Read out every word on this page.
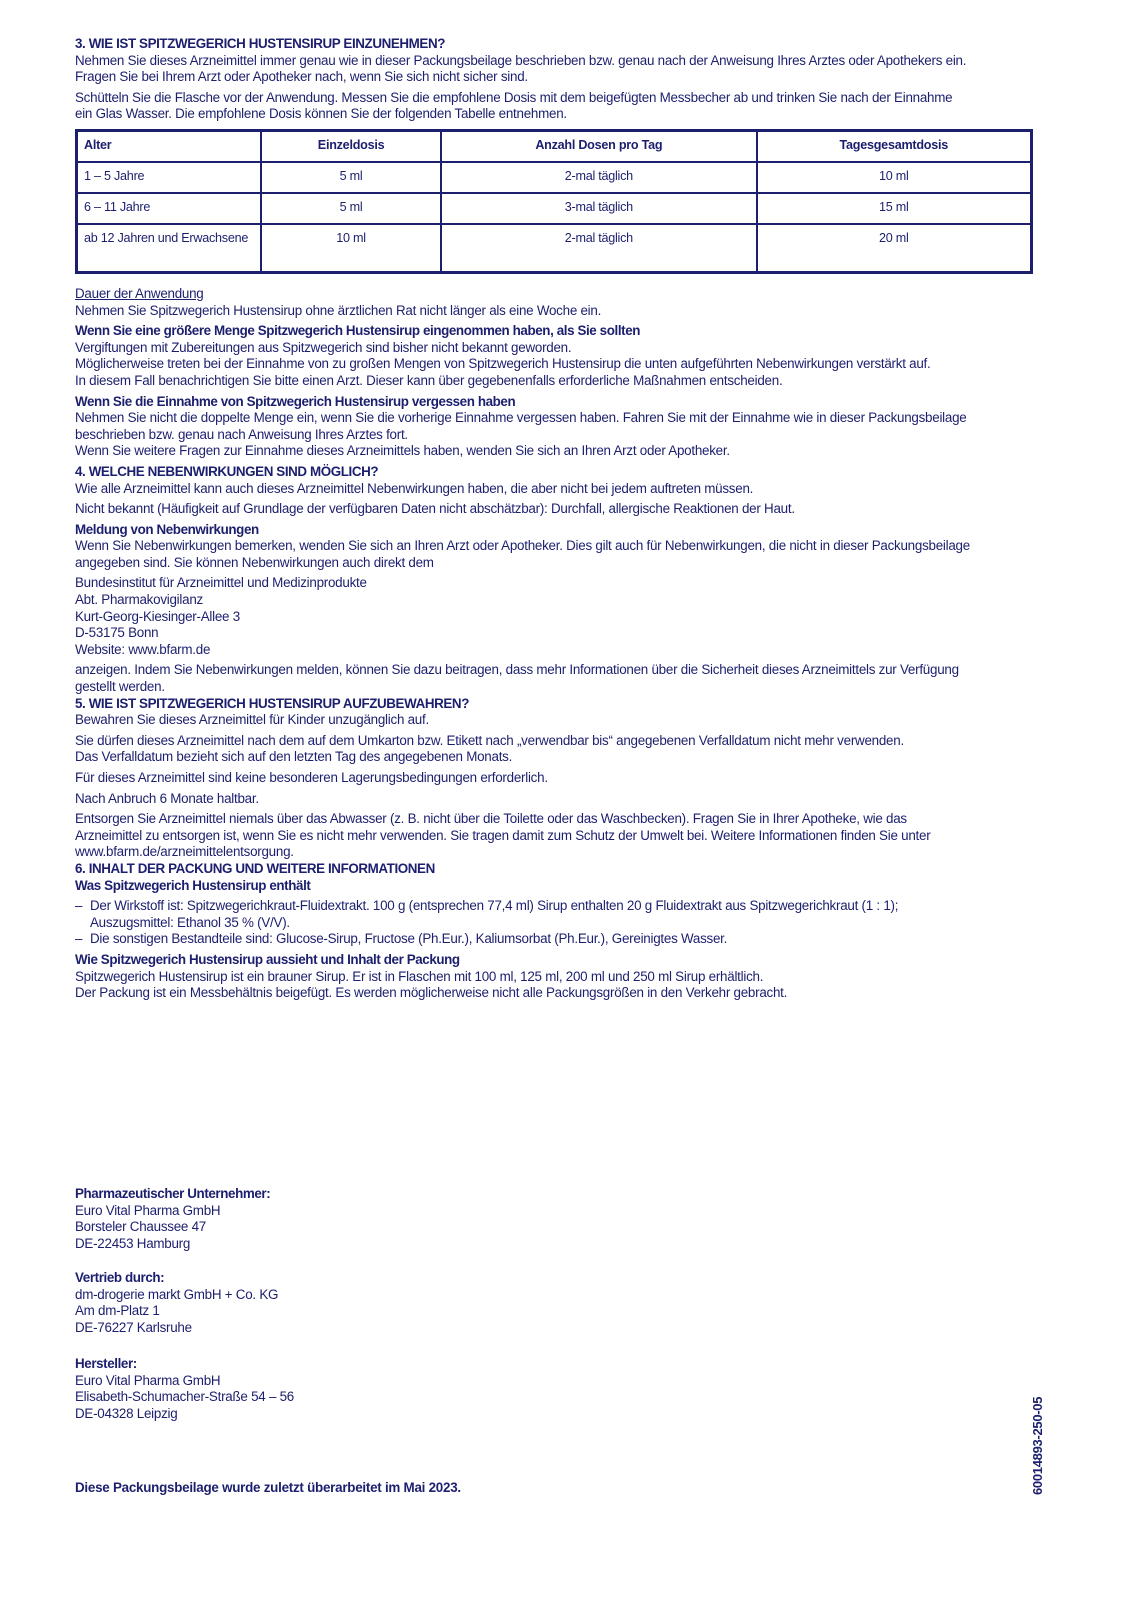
3. WIE IST SPITZWEGERICH HUSTENSIRUP EINZUNEHMEN?

Nehmen Sie dieses Arzneimittel immer genau wie in dieser Packungsbeilage beschrieben bzw. genau nach der Anweisung Ihres Arztes oder Apothekers ein.

Fragen Sie bei Ihrem Arzt oder Apotheker nach, wenn Sie sich nicht sicher sind.

Schütteln Sie die Flasche vor der Anwendung. Messen Sie die empfohlene Dosis mit dem beigefügten Messbecher ab und trinken Sie nach der Einnahme

ein Glas Wasser. Die empfohlene Dosis können Sie der folgenden Tabelle entnehmen.

Alter	Einzeldosis	Anzahl Dosen pro Tag	Tagesgesamtdosis
1 – 5 Jahre	5 ml	2-mal täglich	10 ml
6 – 11 Jahre	5 ml	3-mal täglich	15 ml
ab 12 Jahren und Erwachsene	10 ml	2-mal täglich	20 ml

Dauer der Anwendung

Nehmen Sie Spitzwegerich Hustensirup ohne ärztlichen Rat nicht länger als eine Woche ein.

Wenn Sie eine größere Menge Spitzwegerich Hustensirup eingenommen haben, als Sie sollten

Vergiftungen mit Zubereitungen aus Spitzwegerich sind bisher nicht bekannt geworden.

Möglicherweise treten bei der Einnahme von zu großen Mengen von Spitzwegerich Hustensirup die unten aufgeführten Nebenwirkungen verstärkt auf.

In diesem Fall benachrichtigen Sie bitte einen Arzt. Dieser kann über gegebenenfalls erforderliche Maßnahmen entscheiden.

Wenn Sie die Einnahme von Spitzwegerich Hustensirup vergessen haben

Nehmen Sie nicht die doppelte Menge ein, wenn Sie die vorherige Einnahme vergessen haben. Fahren Sie mit der Einnahme wie in dieser Packungsbeilage

beschrieben bzw. genau nach Anweisung Ihres Arztes fort.

Wenn Sie weitere Fragen zur Einnahme dieses Arzneimittels haben, wenden Sie sich an Ihren Arzt oder Apotheker.

4. WELCHE NEBENWIRKUNGEN SIND MÖGLICH?

Wie alle Arzneimittel kann auch dieses Arzneimittel Nebenwirkungen haben, die aber nicht bei jedem auftreten müssen.

Nicht bekannt (Häufigkeit auf Grundlage der verfügbaren Daten nicht abschätzbar): Durchfall, allergische Reaktionen der Haut.

Meldung von Nebenwirkungen

Wenn Sie Nebenwirkungen bemerken, wenden Sie sich an Ihren Arzt oder Apotheker. Dies gilt auch für Nebenwirkungen, die nicht in dieser Packungsbeilage

angegeben sind. Sie können Nebenwirkungen auch direkt dem

Bundesinstitut für Arzneimittel und Medizinprodukte

Abt. Pharmakovigilanz

Kurt-Georg-Kiesinger-Allee 3

D-53175 Bonn

Website: www.bfarm.de

anzeigen. Indem Sie Nebenwirkungen melden, können Sie dazu beitragen, dass mehr Informationen über die Sicherheit dieses Arzneimittels zur Verfügung

gestellt werden.

5. WIE IST SPITZWEGERICH HUSTENSIRUP AUFZUBEWAHREN?

Bewahren Sie dieses Arzneimittel für Kinder unzugänglich auf.

Sie dürfen dieses Arzneimittel nach dem auf dem Umkarton bzw. Etikett nach „verwendbar bis“ angegebenen Verfalldatum nicht mehr verwenden.

Das Verfalldatum bezieht sich auf den letzten Tag des angegebenen Monats.

Für dieses Arzneimittel sind keine besonderen Lagerungsbedingungen erforderlich.

Nach Anbruch 6 Monate haltbar.

Entsorgen Sie Arzneimittel niemals über das Abwasser (z. B. nicht über die Toilette oder das Waschbecken). Fragen Sie in Ihrer Apotheke, wie das

Arzneimittel zu entsorgen ist, wenn Sie es nicht mehr verwenden. Sie tragen damit zum Schutz der Umwelt bei. Weitere Informationen finden Sie unter

www.bfarm.de/arzneimittelentsorgung.

6. INHALT DER PACKUNG UND WEITERE INFORMATIONEN

Was Spitzwegerich Hustensirup enthält

– Der Wirkstoff ist: Spitzwegerichkraut-Fluidextrakt. 100 g (entsprechen 77,4 ml) Sirup enthalten 20 g Fluidextrakt aus Spitzwegerichkraut (1 : 1);

Auszugsmittel: Ethanol 35 % (V/V).

– Die sonstigen Bestandteile sind: Glucose-Sirup, Fructose (Ph.Eur.), Kaliumsorbat (Ph.Eur.), Gereinigtes Wasser.

Wie Spitzwegerich Hustensirup aussieht und Inhalt der Packung

Spitzwegerich Hustensirup ist ein brauner Sirup. Er ist in Flaschen mit 100 ml, 125 ml, 200 ml und 250 ml Sirup erhältlich.

Der Packung ist ein Messbehältnis beigefügt. Es werden möglicherweise nicht alle Packungsgrößen in den Verkehr gebracht.

Pharmazeutischer Unternehmer:

Euro Vital Pharma GmbH

Borsteler Chaussee 47

DE-22453 Hamburg

Vertrieb durch:

dm-drogerie markt GmbH + Co. KG

Am dm-Platz 1

DE-76227 Karlsruhe

Hersteller:

Euro Vital Pharma GmbH

Elisabeth-Schumacher-Straße 54 – 56

DE-04328 Leipzig

Diese Packungsbeilage wurde zuletzt überarbeitet im Mai 2023.	60014893-250-05
